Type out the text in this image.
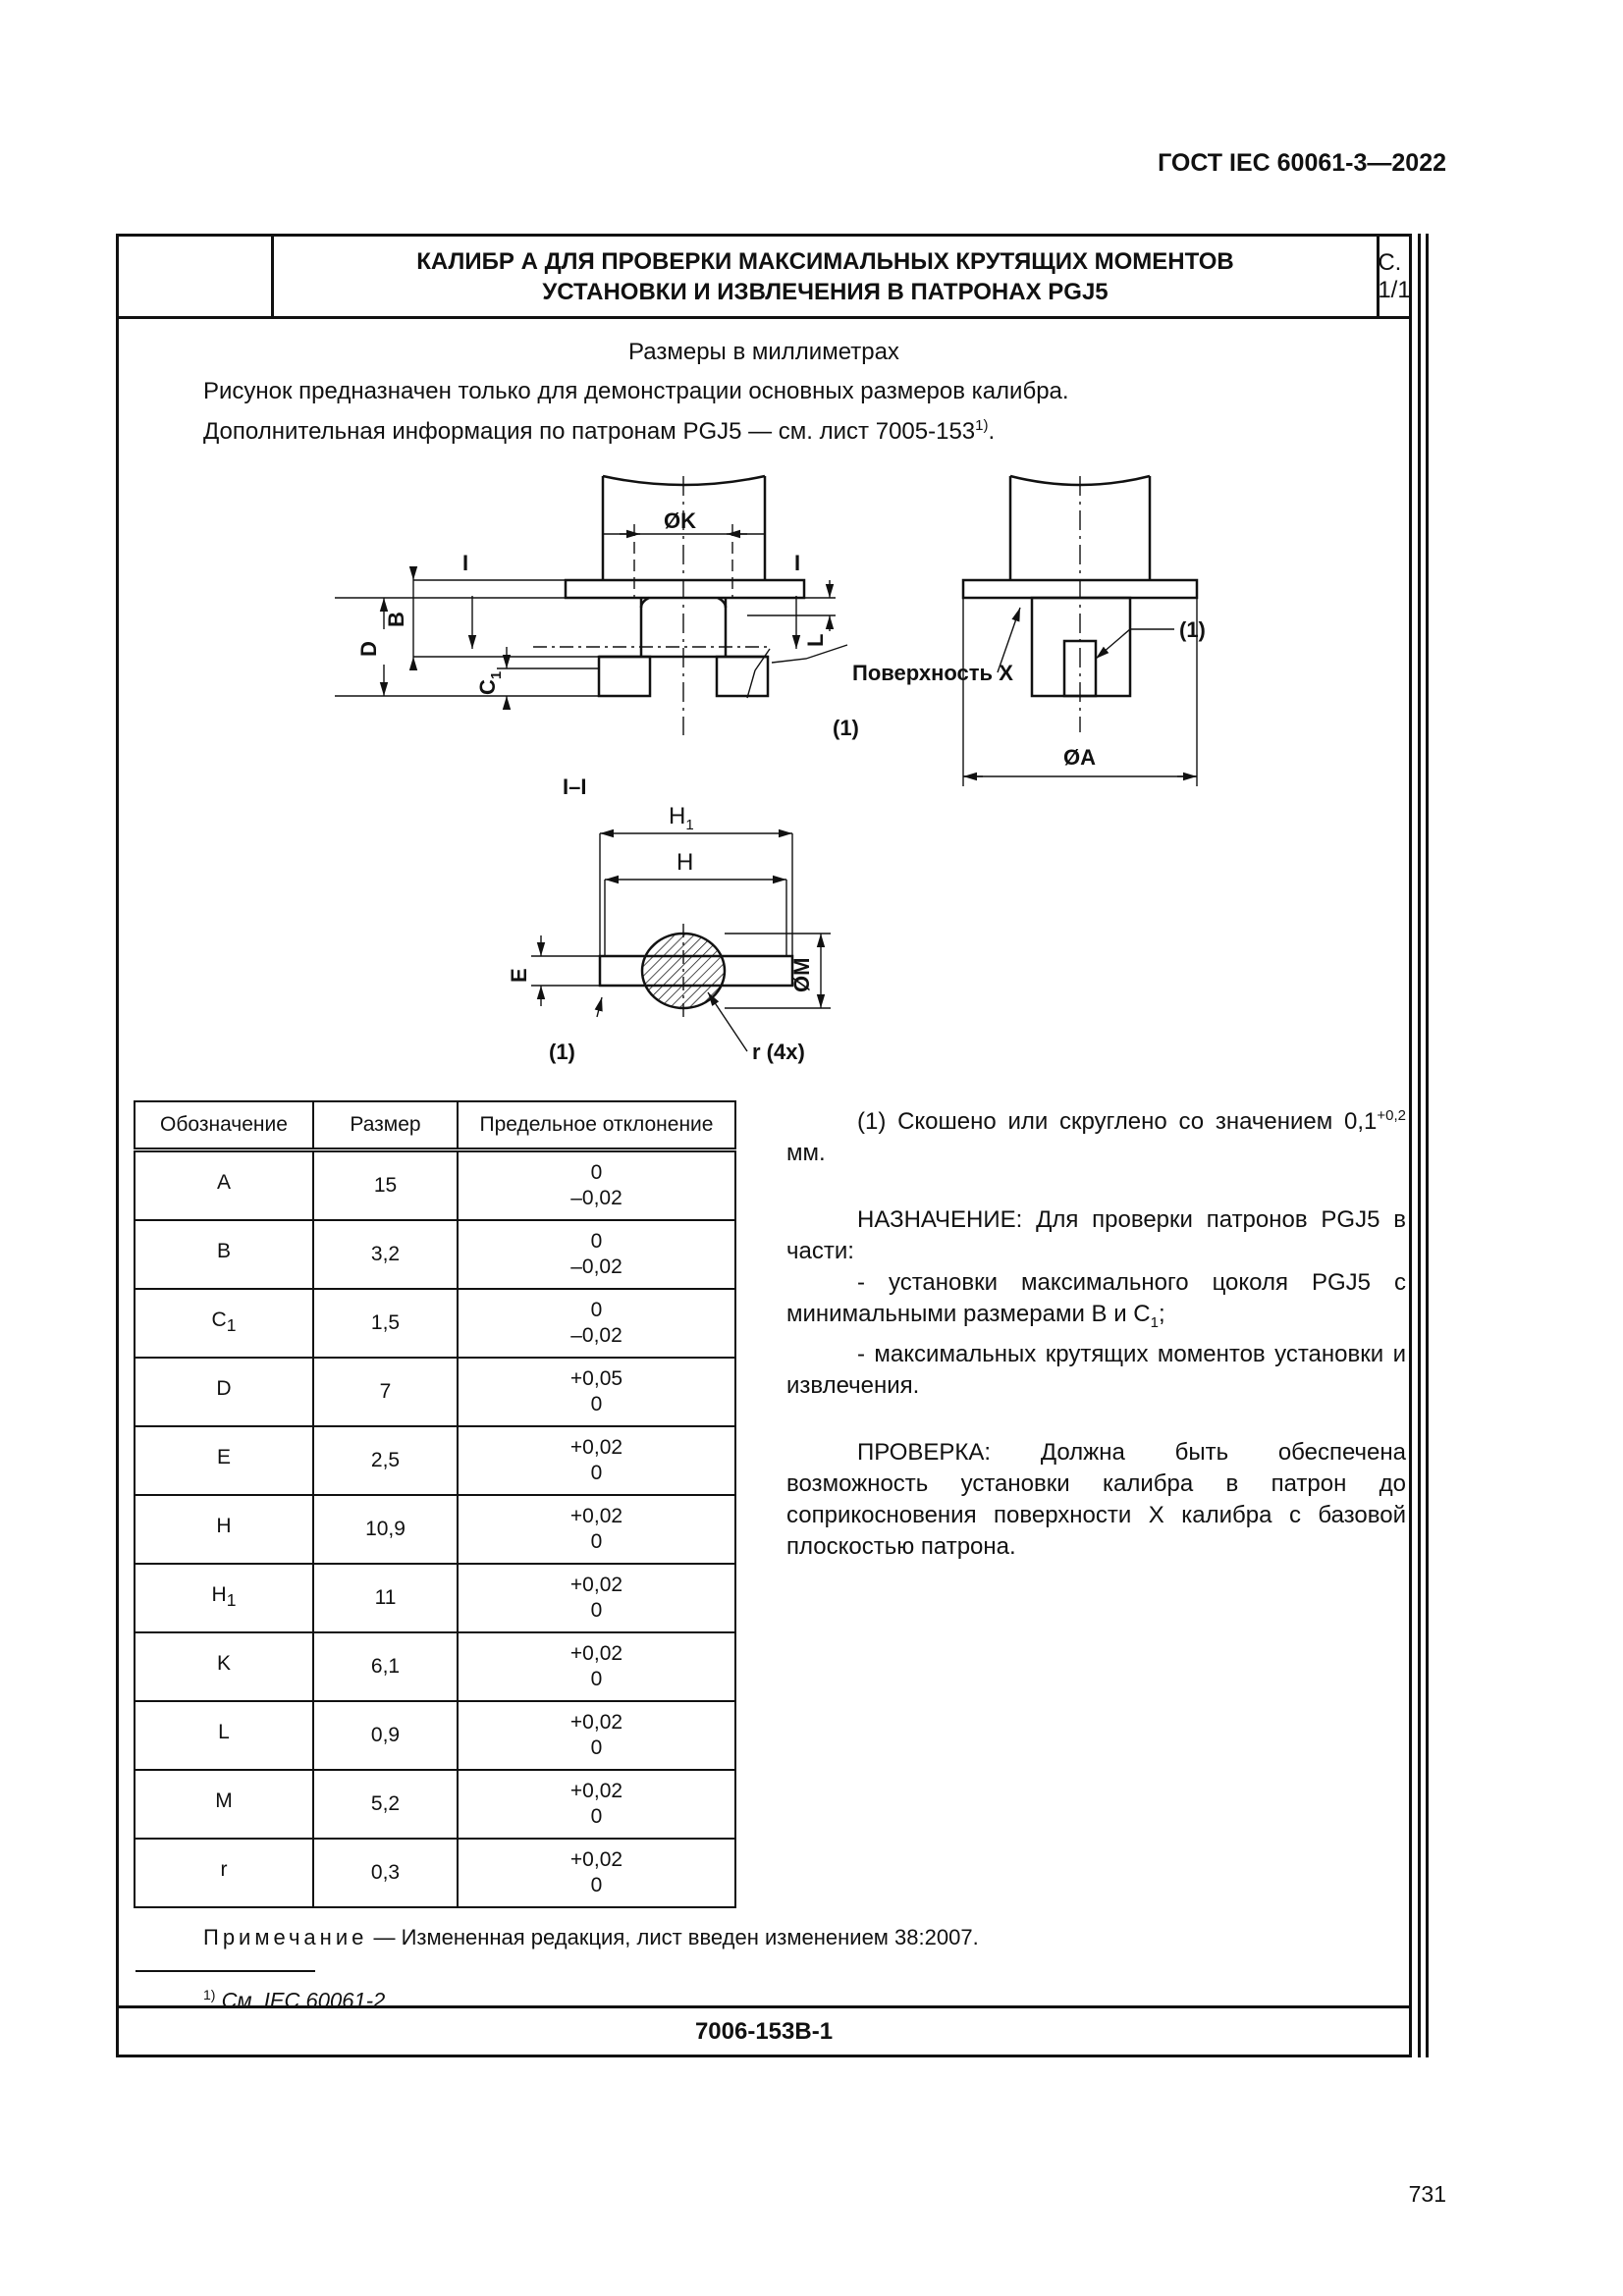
ГОСТ IEC 60061-3—2022
КАЛИБР А ДЛЯ ПРОВЕРКИ МАКСИМАЛЬНЫХ КРУТЯЩИХ МОМЕНТОВ
УСТАНОВКИ И ИЗВЛЕЧЕНИЯ В ПАТРОНАХ PGJ5
С. 1/1
Размеры в миллиметрах
Рисунок предназначен только для демонстрации основных размеров калибра.
Дополнительная информация по патронам PGJ5 — см. лист 7005-153$^{1)}$.
ØK
I	I
D
B
$C_1$
L
Поверхность X
(1)
(1)
ØA
I–I
$H_1$
H
E	ØM
(1)	r (4x)
Обозначение	Размер	Предельное отклонение
A	15	0
–0,02

B	3,2	0
–0,02

$C_1$	1,5	0
–0,02

D	7	+0,05
0

E	2,5	+0,02
0

H	10,9	+0,02
0

$H_1$	11	+0,02
0

K	6,1	+0,02
0

L	0,9	+0,02
0

M	5,2	+0,02
0

r	0,3	+0,02
0

(1) Скошено или скруглено со значением $0,1^{+0,2}$ мм.

НАЗНАЧЕНИЕ: Для проверки патронов PGJ5 в части:
- установки максимального цоколя PGJ5 с минимальными размерами B и $C_1$;
- максимальных крутящих моментов установки и извлечения.

ПРОВЕРКА: Должна быть обеспечена возможность установки калибра в патрон до соприкосновения поверхности X калибра с базовой плоскостью патрона.

Примечание — Измененная редакция, лист введен изменением 38:2007.
$^{1)}$ См. IEC 60061-2.
7006-153B-1
731
